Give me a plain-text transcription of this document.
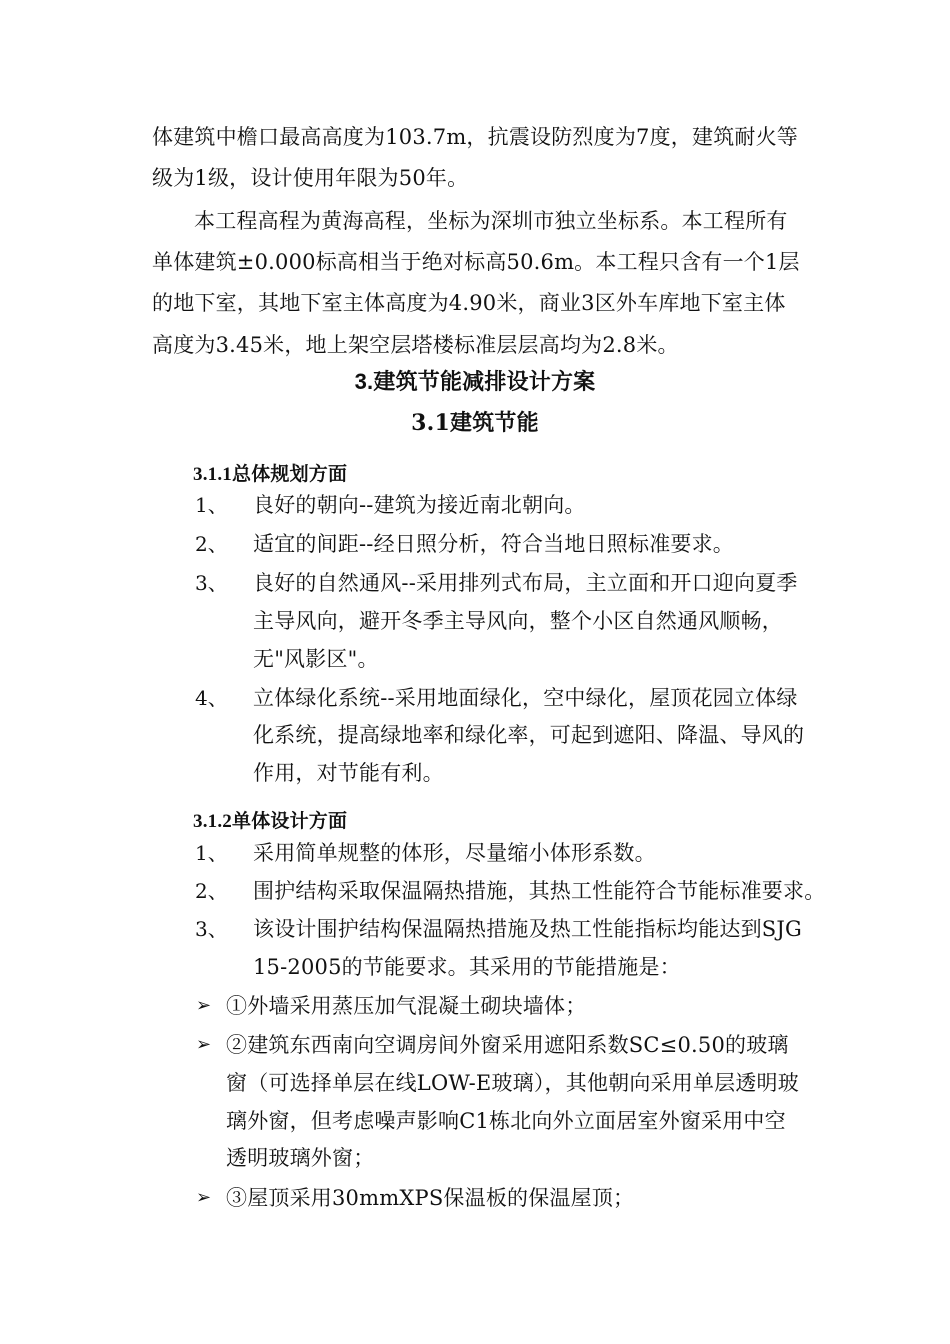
体建筑中檐口最高高度为103.7m，抗震设防烈度为7度，建筑耐火等
级为1级，设计使用年限为50年。
本工程高程为黄海高程，坐标为深圳市独立坐标系。本工程所有
单体建筑±0.000标高相当于绝对标高50.6m。本工程只含有一个1层
的地下室，其地下室主体高度为4.90米，商业3区外车库地下室主体
高度为3.45米，地上架空层塔楼标准层层高均为2.8米。
3.建筑节能减排设计方案
3.1建筑节能
3.1.1总体规划方面
1、 良好的朝向--建筑为接近南北朝向。
2、 适宜的间距--经日照分析，符合当地日照标准要求。
3、 良好的自然通风--采用排列式布局，主立面和开口迎向夏季
主导风向，避开冬季主导风向，整个小区自然通风顺畅，
无"风影区"。
4、 立体绿化系统--采用地面绿化，空中绿化，屋顶花园立体绿
化系统，提高绿地率和绿化率，可起到遮阳、降温、导风的
作用，对节能有利。
3.1.2单体设计方面
1、 采用简单规整的体形，尽量缩小体形系数。
2、 围护结构采取保温隔热措施，其热工性能符合节能标准要求。
3、 该设计围护结构保温隔热措施及热工性能指标均能达到SJG
15-2005的节能要求。其采用的节能措施是：
➢ ①外墙采用蒸压加气混凝土砌块墙体；
➢ ②建筑东西南向空调房间外窗采用遮阳系数SC≤0.50的玻璃
窗（可选择单层在线LOW-E玻璃），其他朝向采用单层透明玻
璃外窗，但考虑噪声影响C1栋北向外立面居室外窗采用中空
透明玻璃外窗；
➢ ③屋顶采用30mmXPS保温板的保温屋顶；
